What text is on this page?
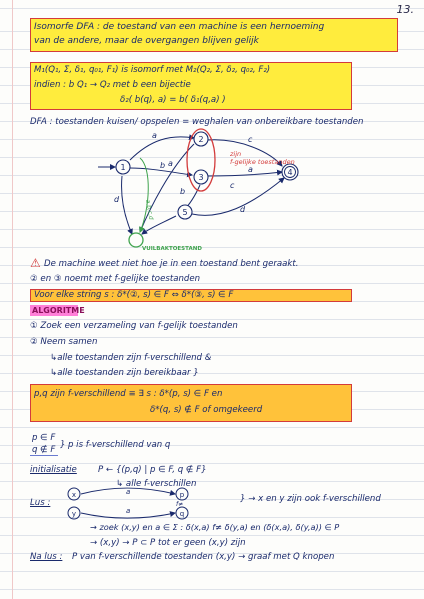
13.
Isomorfe DFA : de toestand van een machine is een hernoeming
van de andere, maar de overgangen blijven gelijk
M₁(Q₁, Σ, δ₁, q₀₁, F₁) is isomorf met M₂(Q₂, Σ, δ₂, q₀₂, F₂)
indien : b Q₁ → Q₂ met b een bijectie
δ₂( b(q), a) = b( δ₁(q,a) )
DFA : toestanden kuisen/ opspelen = weghalen van onbereikbare toestanden
1
2
3
4
5
a
b
c
a
b
d
a
c
d
a,b,c,d
zijn
f-gelijke toestanden
VUILBAKTOESTAND
⚠ De machine weet niet hoe je in een toestand bent geraakt.
② en ③ noemt met f-gelijke toestanden
Voor elke string s : δ*(②, s) ∈ F ⇔ δ*(③, s) ∈ F
ALGORITME
① Zoek een verzameling van f-gelijk toestanden
② Neem samen
↳alle toestanden zijn f-verschillend &
↳alle toestanden zijn bereikbaar }
p,q zijn f-verschillend ≡ ∃ s : δ*(p, s) ∈ F en
δ*(q, s) ∉ F of omgekeerd
p ∈ F
q ∉ F } p is f-verschillend van q
initialisatie P ← {(p,q) | p ∈ F, q ∉ F}
↳ alle f-verschillen
Lus :
x
y
p
q
a
a
f≠
} → x en y zijn ook f-verschillend
→ zoek (x,y) en a ∈ Σ : δ(x,a) f≠ δ(y,a) en (δ(x,a), δ(y,a)) ∈ P
→ (x,y) → P ⊂ P tot er geen (x,y) zijn
Na lus : P van f-verschillende toestanden (x,y) → graaf met Q knopen
